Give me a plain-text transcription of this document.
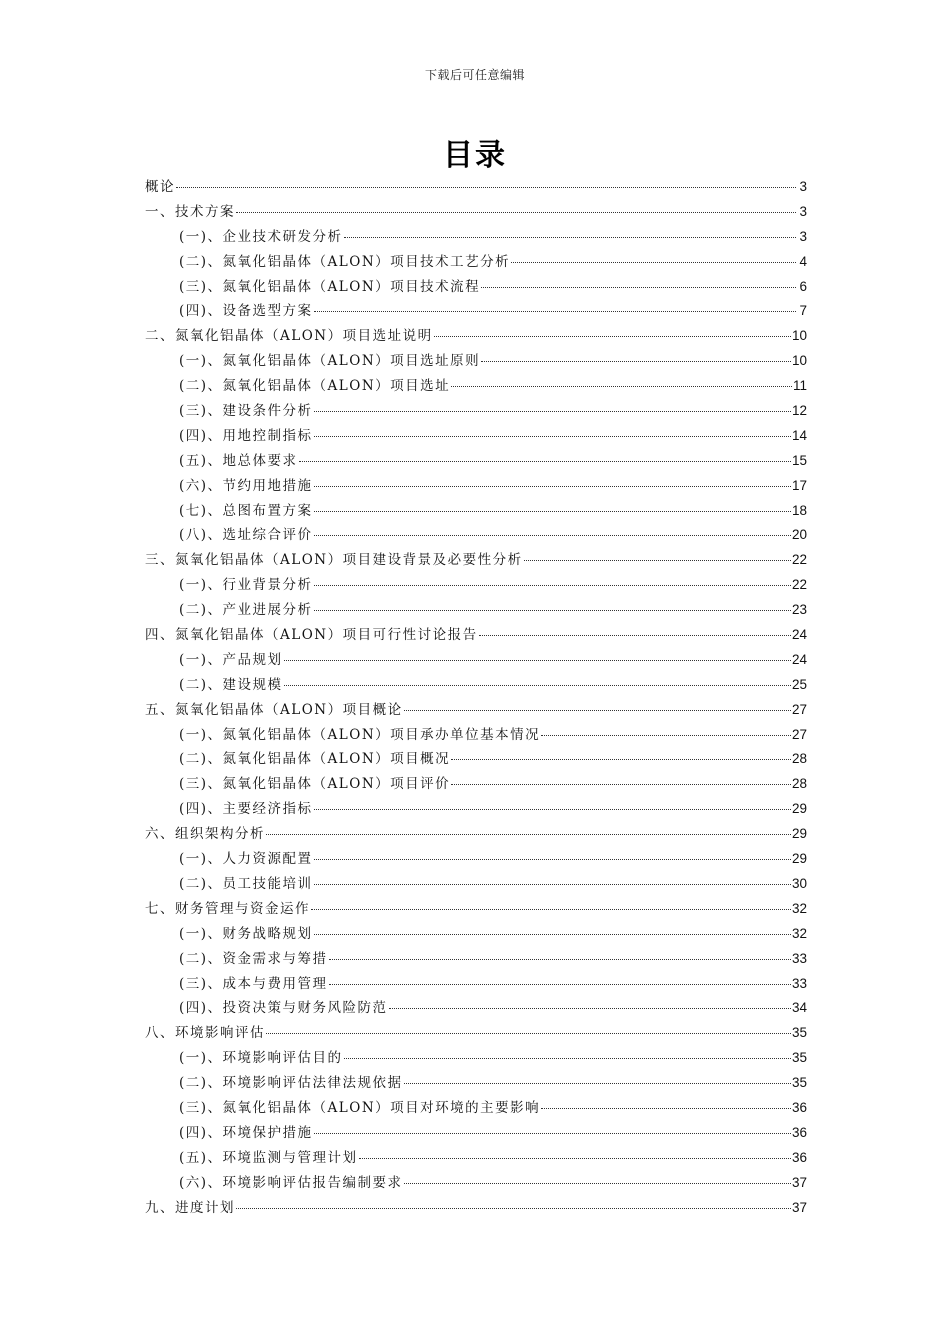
下载后可任意编辑
目录
概论	3
一、技术方案	3
(一)、企业技术研发分析	3
(二)、氮氧化铝晶体（ALON）项目技术工艺分析	4
(三)、氮氧化铝晶体（ALON）项目技术流程	6
(四)、设备选型方案	7
二、氮氧化铝晶体（ALON）项目选址说明	10
(一)、氮氧化铝晶体（ALON）项目选址原则	10
(二)、氮氧化铝晶体（ALON）项目选址	11
(三)、建设条件分析	12
(四)、用地控制指标	14
(五)、地总体要求	15
(六)、节约用地措施	17
(七)、总图布置方案	18
(八)、选址综合评价	20
三、氮氧化铝晶体（ALON）项目建设背景及必要性分析	22
(一)、行业背景分析	22
(二)、产业进展分析	23
四、氮氧化铝晶体（ALON）项目可行性讨论报告	24
(一)、产品规划	24
(二)、建设规模	25
五、氮氧化铝晶体（ALON）项目概论	27
(一)、氮氧化铝晶体（ALON）项目承办单位基本情况	27
(二)、氮氧化铝晶体（ALON）项目概况	28
(三)、氮氧化铝晶体（ALON）项目评价	28
(四)、主要经济指标	29
六、组织架构分析	29
(一)、人力资源配置	29
(二)、员工技能培训	30
七、财务管理与资金运作	32
(一)、财务战略规划	32
(二)、资金需求与筹措	33
(三)、成本与费用管理	33
(四)、投资决策与财务风险防范	34
八、环境影响评估	35
(一)、环境影响评估目的	35
(二)、环境影响评估法律法规依据	35
(三)、氮氧化铝晶体（ALON）项目对环境的主要影响	36
(四)、环境保护措施	36
(五)、环境监测与管理计划	36
(六)、环境影响评估报告编制要求	37
九、进度计划	37
